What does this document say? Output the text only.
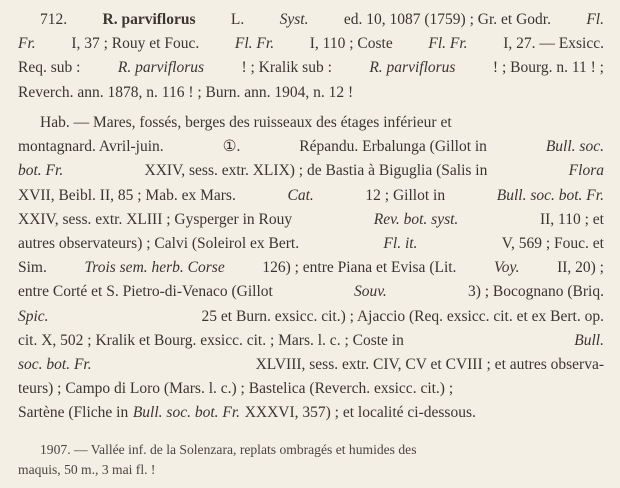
712. R. parviflorus L. Syst. ed. 10, 1087 (1759) ; Gr. et Godr. Fl.
Fr. I, 37 ; Rouy et Fouc. Fl. Fr. I, 110 ; Coste Fl. Fr. I, 27. — Exsicc.
Req. sub : R. parviflorus ! ; Kralik sub : R. parviflorus ! ; Bourg. n. 11 ! ;
Reverch. ann. 1878, n. 116 ! ; Burn. ann. 1904, n. 12 !
Hab. — Mares, fossés, berges des ruisseaux des étages inférieur et
montagnard. Avril-juin.	①.	Répandu. Erbalunga (Gillot in	Bull. soc.
bot. Fr.	XXIV, sess. extr. XLIX) ; de Bastia à Biguglia (Salis in	Flora
XVII, Beibl. II, 85 ; Mab. ex Mars.	Cat.	12 ; Gillot in	Bull. soc. bot. Fr.
XXIV, sess. extr. XLIII ; Gysperger in Rouy	Rev. bot. syst.	II, 110 ; et
autres observateurs) ; Calvi (Soleirol ex Bert.	Fl. it.	V, 569 ; Fouc. et
Sim. Trois sem. herb. Corse 126) ; entre Piana et Evisa (Lit. Voy. II, 20) ;
entre Corté et S. Pietro-di-Venaco (Gillot	Souv.	3) ; Bocognano (Briq.
Spic.	25 et Burn. exsicc. cit.) ; Ajaccio (Req. exsicc. cit. et ex Bert. op.
cit. X, 502 ; Kralik et Bourg. exsicc. cit. ; Mars. l. c. ; Coste in	Bull.
soc. bot. Fr.	XLVIII, sess. extr. CIV, CV et CVIII ; et autres observa-
teurs) ; Campo di Loro (Mars. l. c.) ; Bastelica (Reverch. exsicc. cit.) ;
Sartène (Fliche in Bull. soc. bot. Fr. XXXVI, 357) ; et localité ci-dessous.
1907. — Vallée inf. de la Solenzara, replats ombragés et humides des
maquis, 50 m., 3 mai fl. !
